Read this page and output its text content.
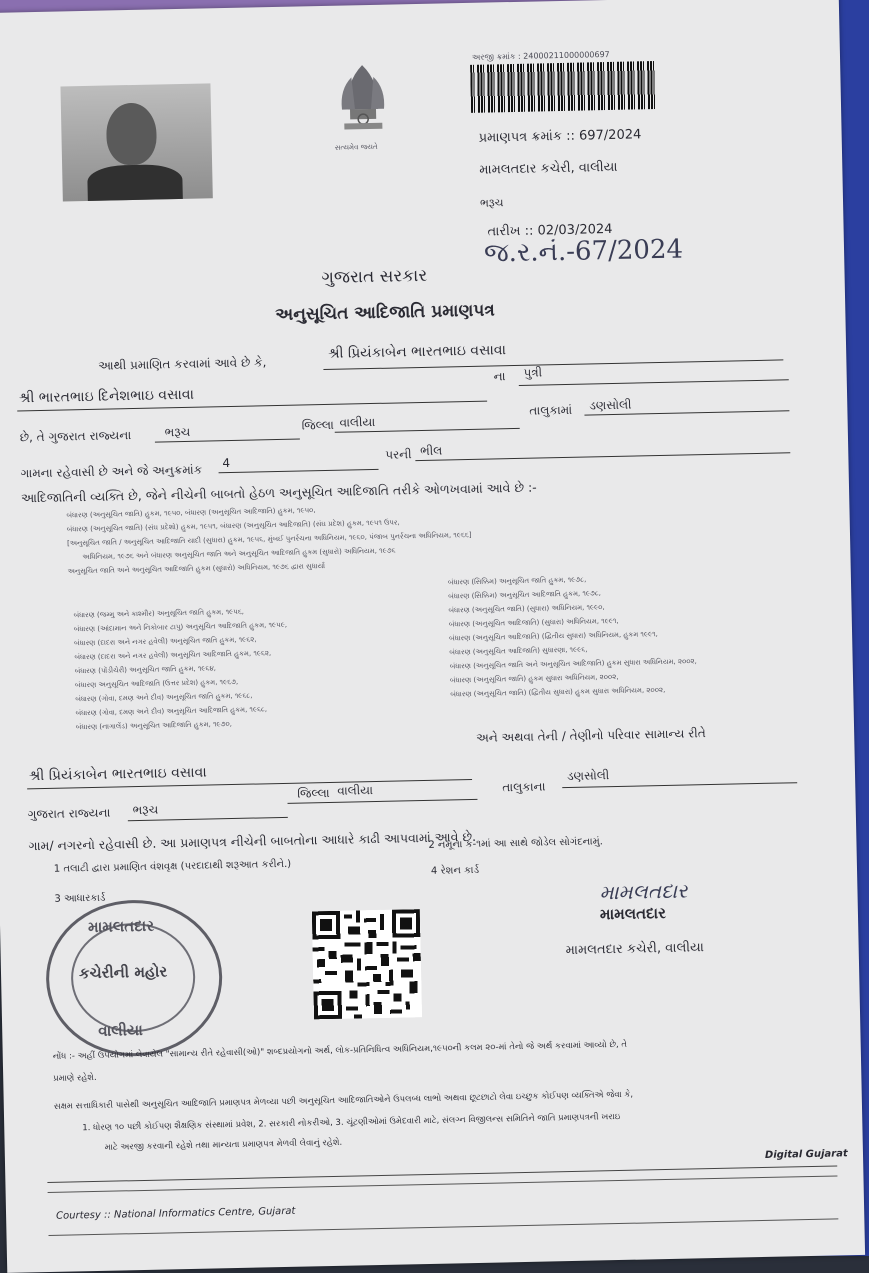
સત્યમેવ જયતે
અરજી ક્રમાંક : 24000211000000697
પ્રમાણપત્ર ક્રમાંક :: 697/2024
મામલતદાર કચેરી, વાલીયા
ભરૂચ
તારીખ :: 02/03/2024
જ.ર.નં.-67/2024
ગુજરાત સરકાર
અનુસૂચિત આદિજાતિ પ્રમાણપત્ર
આથી પ્રમાણિત કરવામાં આવે છે કે,
શ્રી પ્રિયંકાબેન ભારતભાઇ વસાવા
શ્રી ભારતભાઇ દિનેશભાઇ વસાવા
ના પુત્રી
છે, તે ગુજરાત રાજ્યના	ભરૂચ	જિલ્લા વાલીયા
તાલુકામાં ડણસોલી
ગામના રહેવાસી છે અને જે અનુક્રમાંક 4
પરની ભીલ
આદિજાતિની વ્યક્તિ છે, જેને નીચેની બાબતો હેઠળ અનુસૂચિત આદિજાતિ તરીકે ઓળખવામાં આવે છે :-
બંધારણ (અનુસૂચિત જાતિ) હુકમ, ૧૯૫૦, બંધારણ (અનુસૂચિત આદિજાતિ) હુકમ, ૧૯૫૦,
બંધારણ (અનુસૂચિત જાતિ) (સંઘ પ્રદેશો) હુકમ, ૧૯૫૧, બંધારણ (અનુસૂચિત આદિજાતિ) (સંઘ પ્રદેશ) હુકમ, ૧૯૫૧ ઉપર,
[અનુસૂચિત જાતિ / અનુસૂચિત આદિજાતિ યાદી (સુધારા) હુકમ, ૧૯૫૬, મુંબઈ પુનર્રચના અધિનિયમ, ૧૯૬૦, પંજાબ પુનર્રચના અધિનિયમ, ૧૯૬૬]
અધિનિયમ, ૧૯૭૬ અને બંધારણ અનુસૂચિત જાતિ અને અનુસૂચિત આદિજાતિ હુકમ (સુધારો) અધિનિયમ, ૧૯૭૬
અનુસૂચિત જાતિ અને અનુસૂચિત આદિજાતિ હુકમ (સુધારો) અધિનિયમ, ૧૯૭૬ દ્વારા સુધાર્યા
બંધારણ (જમ્મુ અને કાશ્મીર) અનુસૂચિત જાતિ હુકમ, ૧૯૫૬,
બંધારણ (આંદામાન અને નિકોબાર ટાપુ) અનુસૂચિત આદિજાતિ હુકમ, ૧૯૫૯,
બંધારણ (દાદરા અને નગર હવેલી) અનુસૂચિત જાતિ હુકમ, ૧૯૬૨,
બંધારણ (દાદરા અને નગર હવેલી) અનુસૂચિત આદિજાતિ હુકમ, ૧૯૬૨,
બંધારણ (પોંડીચેરી) અનુસૂચિત જાતિ હુકમ, ૧૯૬૪,
બંધારણ અનુસૂચિત આદિજાતિ (ઉત્તર પ્રદેશ) હુકમ, ૧૯૬૭,
બંધારણ (ગોવા, દમણ અને દીવ) અનુસૂચિત જાતિ હુકમ, ૧૯૬૮,
બંધારણ (ગોવા, દમણ અને દીવ) અનુસૂચિત આદિજાતિ હુકમ, ૧૯૬૮,
બંધારણ (નાગાલેંડ) અનુસૂચિત આદિજાતિ હુકમ, ૧૯૭૦,
બંધારણ (સિક્કિમ) અનુસૂચિત જાતિ હુકમ, ૧૯૭૮,
બંધારણ (સિક્કિમ) અનુસૂચિત આદિજાતિ હુકમ, ૧૯૭૮,
બંધારણ (અનુસૂચિત જાતિ) (સુધારા) અધિનિયમ, ૧૯૯૦,
બંધારણ (અનુસૂચિત આદિજાતિ) (સુધારા) અધિનિયમ, ૧૯૯૧,
બંધારણ (અનુસૂચિત આદિજાતિ) (દ્વિતીય સુધારા) અધિનિયમ, હુકમ ૧૯૯૧,
બંધારણ (અનુસૂચિત આદિજાતિ) સુધારણા, ૧૯૯૬,
બંધારણ (અનુસૂચિત જાતિ અને અનુસૂચિત આદિજાતિ) હુકમ સુધારા અધિનિયમ, ૨૦૦૨,
બંધારણ (અનુસૂચિત જાતિ) હુકમ સુધારા અધિનિયમ, ૨૦૦૨,
બંધારણ (અનુસૂચિત જાતિ) (દ્વિતીય સુધારા) હુકમ સુધારા અધિનિયમ, ૨૦૦૨,
અને અથવા તેની / તેણીનો પરિવાર સામાન્ય રીતે
શ્રી પ્રિયંકાબેન ભારતભાઇ વસાવા
ગુજરાત રાજ્યના ભરૂચ
જિલ્લા વાલીયા	તાલુકાના
ડણસોલી
ગામ/ નગરનો રહેવાસી છે. આ પ્રમાણપત્ર નીચેની બાબતોના આધારે કાઢી આપવામાં આવે છે.
1 તલાટી દ્વારા પ્રમાણિત વંશવૃક્ષ (પરદાદાથી શરૂઆત કરીને.)
2 નમૂના ક-૧માં આ સાથે જોડેલ સોગંદનામું.
3 આધારકાર્ડ
4 રેશન કાર્ડ
મામલતદાર
કચેરીની મહોર
વાલીયા
મામલતદાર
મામલતદાર
મામલતદાર કચેરી, વાલીયા
નોંધ :- અહીં ઉપયોગમાં લેવાયેલ "સામાન્ય રીતે રહેવાસી(ઓ)" શબ્દપ્રયોગનો અર્થ, લોક-પ્રતિનિધિત્વ અધિનિયમ,૧૯૫૦ની કલમ ૨૦-માં તેનો જે અર્થ કરવામાં આવ્યો છે, તે
પ્રમાણે રહેશે.
સક્ષમ સત્તાધિકારી પાસેથી અનુસૂચિત આદિજાતિ પ્રમાણપત્ર મેળવ્યા પછી અનુસૂચિત આદિજાતિઓને ઉપલબ્ધ લાભો અથવા છૂટછાટો લેવા ઇચ્છુક કોઈપણ વ્યક્તિએ જેવા કે,
1. ધોરણ ૧૦ પછી કોઈપણ શૈક્ષણિક સંસ્થામાં પ્રવેશ, 2. સરકારી નોકરીઓ, 3. ચૂંટણીઓમાં ઉમેદવારી માટે, સંલગ્ન વિજીલન્સ સમિતિને જાતિ પ્રમાણપત્રની ખરાઇ
માટે અરજી કરવાની રહેશે તથા માન્યતા પ્રમાણપત્ર મેળવી લેવાનું રહેશે.
Digital Gujarat
Courtesy :: National Informatics Centre, Gujarat
